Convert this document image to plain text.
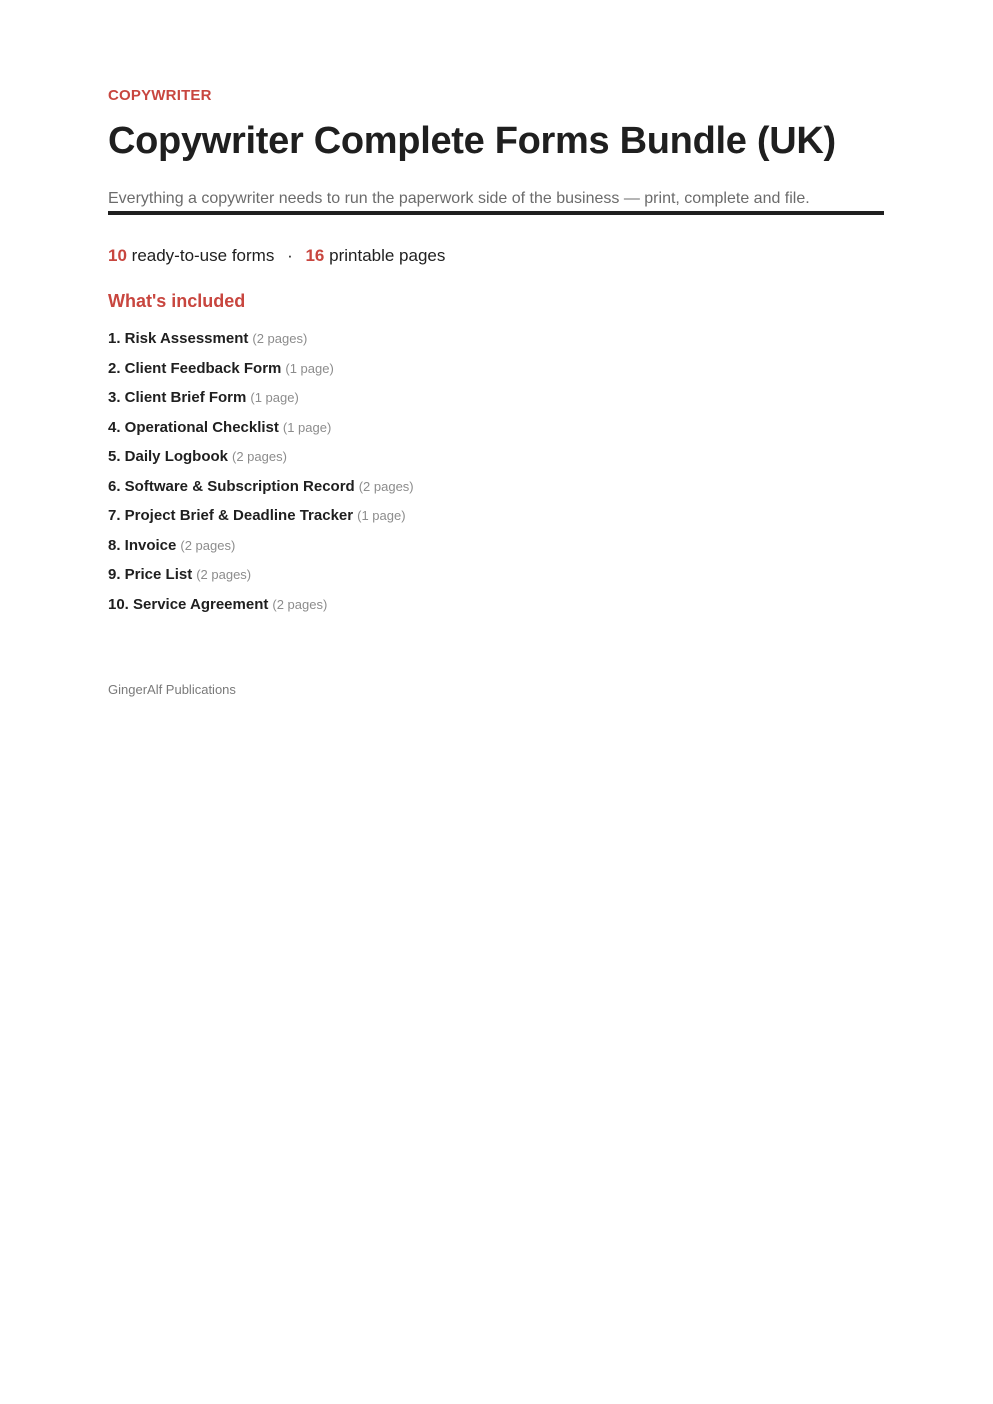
COPYWRITER
Copywriter Complete Forms Bundle (UK)
Everything a copywriter needs to run the paperwork side of the business — print, complete and file.
10 ready-to-use forms · 16 printable pages
What's included
1. Risk Assessment (2 pages)
2. Client Feedback Form (1 page)
3. Client Brief Form (1 page)
4. Operational Checklist (1 page)
5. Daily Logbook (2 pages)
6. Software & Subscription Record (2 pages)
7. Project Brief & Deadline Tracker (1 page)
8. Invoice (2 pages)
9. Price List (2 pages)
10. Service Agreement (2 pages)
GingerAlf Publications
